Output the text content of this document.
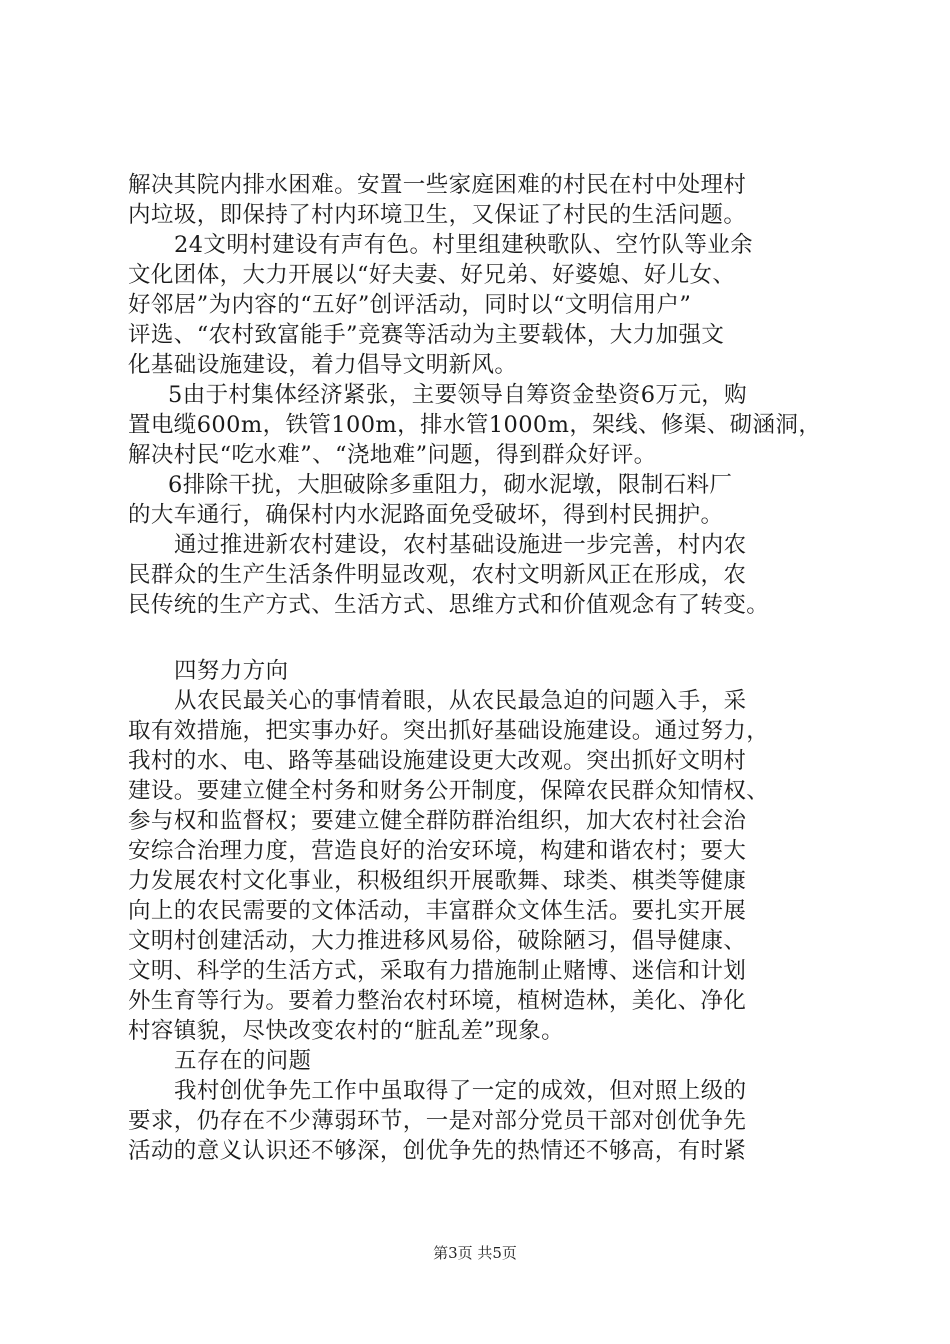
解决其院内排水困难。安置一些家庭困难的村民在村中处理村
内垃圾，即保持了村内环境卫生，又保证了村民的生活问题。
24文明村建设有声有色。村里组建秧歌队、空竹队等业余
文化团体，大力开展以“好夫妻、好兄弟、好婆媳、好儿女、
好邻居”为内容的“五好”创评活动，同时以“文明信用户”
评选、“农村致富能手”竞赛等活动为主要载体，大力加强文
化基础设施建设，着力倡导文明新风。
5由于村集体经济紧张，主要领导自筹资金垫资6万元，购
置电缆600m，铁管100m，排水管1000m，架线、修渠、砌涵洞，
解决村民“吃水难”、“浇地难”问题，得到群众好评。
6排除干扰，大胆破除多重阻力，砌水泥墩，限制石料厂
的大车通行，确保村内水泥路面免受破坏，得到村民拥护。
通过推进新农村建设，农村基础设施进一步完善，村内农
民群众的生产生活条件明显改观，农村文明新风正在形成，农
民传统的生产方式、生活方式、思维方式和价值观念有了转变。
四努力方向
从农民最关心的事情着眼，从农民最急迫的问题入手，采
取有效措施，把实事办好。突出抓好基础设施建设。通过努力，
我村的水、电、路等基础设施建设更大改观。突出抓好文明村
建设。要建立健全村务和财务公开制度，保障农民群众知情权、
参与权和监督权；要建立健全群防群治组织，加大农村社会治
安综合治理力度，营造良好的治安环境，构建和谐农村；要大
力发展农村文化事业，积极组织开展歌舞、球类、棋类等健康
向上的农民需要的文体活动，丰富群众文体生活。要扎实开展
文明村创建活动，大力推进移风易俗，破除陋习，倡导健康、
文明、科学的生活方式，采取有力措施制止赌博、迷信和计划
外生育等行为。要着力整治农村环境，植树造林，美化、净化
村容镇貌，尽快改变农村的“脏乱差”现象。
五存在的问题
我村创优争先工作中虽取得了一定的成效，但对照上级的
要求，仍存在不少薄弱环节，一是对部分党员干部对创优争先
活动的意义认识还不够深，创优争先的热情还不够高，有时紧
第3页 共5页
